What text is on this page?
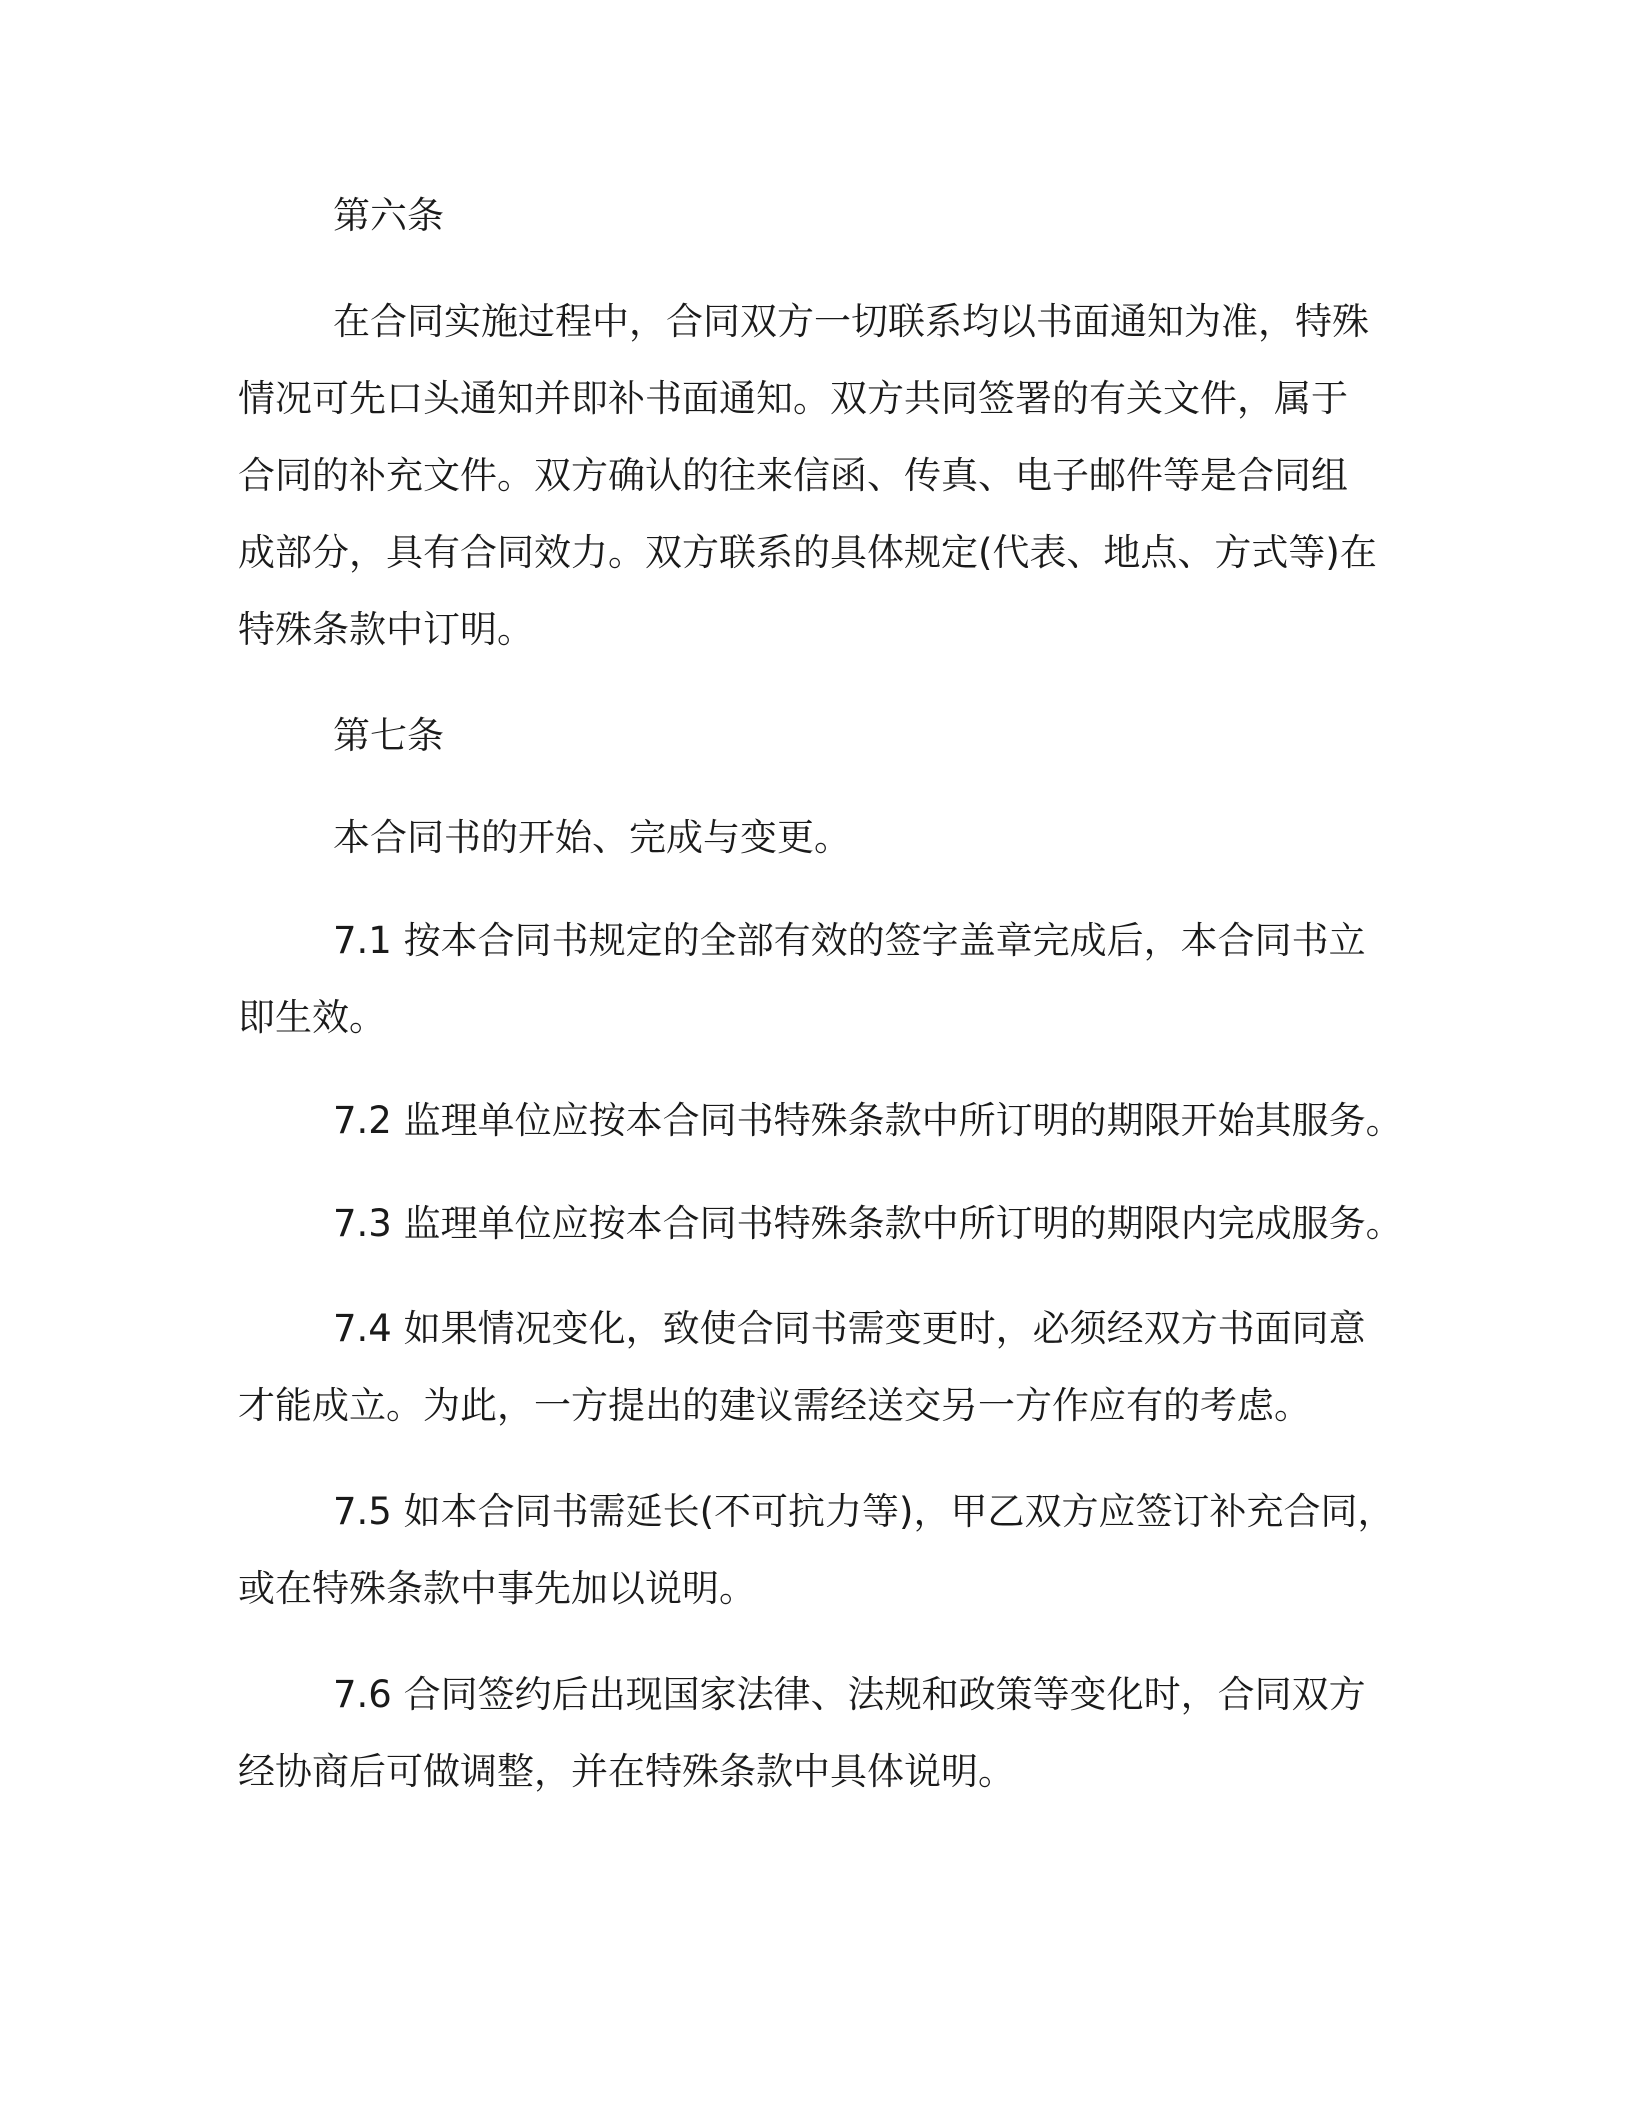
第六条
在合同实施过程中，合同双方一切联系均以书面通知为准，特殊
情况可先口头通知并即补书面通知。双方共同签署的有关文件，属于
合同的补充文件。双方确认的往来信函、传真、电子邮件等是合同组
成部分，具有合同效力。双方联系的具体规定(代表、地点、方式等)在
特殊条款中订明。
第七条
本合同书的开始、完成与变更。
7.1 按本合同书规定的全部有效的签字盖章完成后，本合同书立
即生效。
7.2 监理单位应按本合同书特殊条款中所订明的期限开始其服务。
7.3 监理单位应按本合同书特殊条款中所订明的期限内完成服务。
7.4 如果情况变化，致使合同书需变更时，必须经双方书面同意
才能成立。为此，一方提出的建议需经送交另一方作应有的考虑。
7.5 如本合同书需延长(不可抗力等)，甲乙双方应签订补充合同，
或在特殊条款中事先加以说明。
7.6 合同签约后出现国家法律、法规和政策等变化时，合同双方
经协商后可做调整，并在特殊条款中具体说明。
